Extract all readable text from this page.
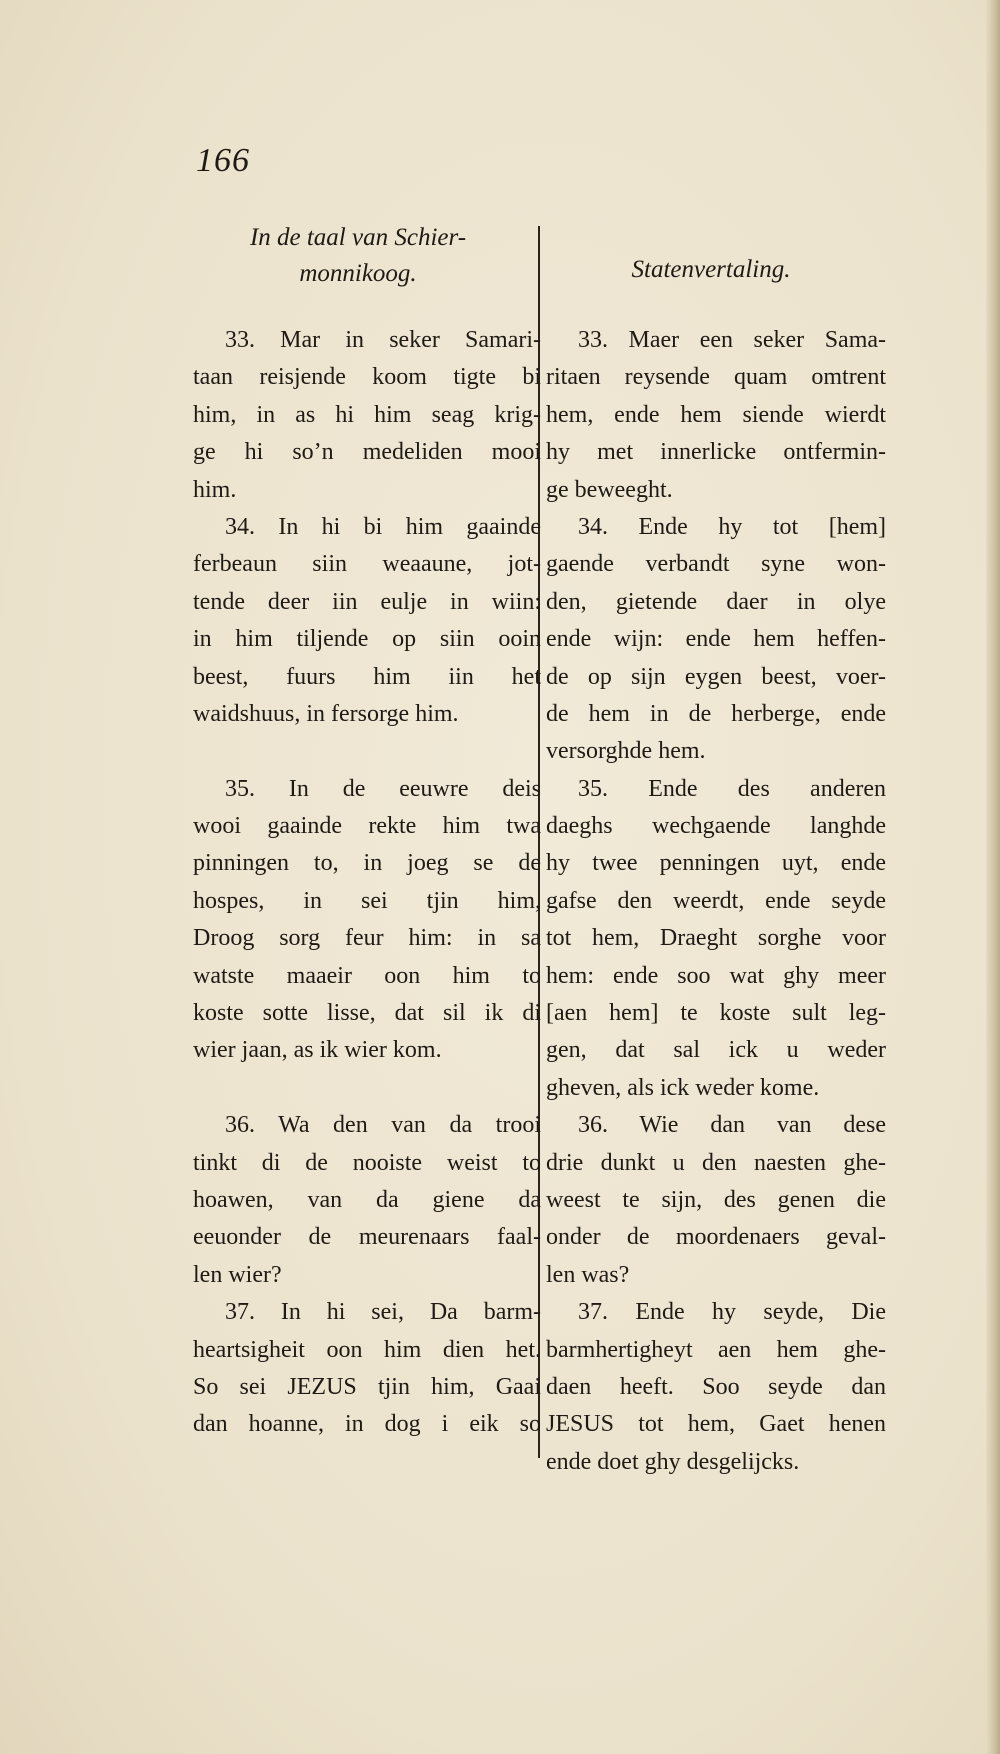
166
In de taal van Schier-
monnikoog.	Statenvertaling.
33. Mar in seker Samari-
taan reisjende koom tigte bi
him, in as hi him seag krig-
ge hi so’n medeliden mooi
him.
34. In hi bi him gaainde
ferbeaun siin weaaune, jot-
tende deer iin eulje in wiin:
in him tiljende op siin ooin
beest, fuurs him iin het
waidshuus, in fersorge him.
35. In de eeuwre deis
wooi gaainde rekte him twa
pinningen to, in joeg se de
hospes, in sei tjin him,
Droog sorg feur him: in sa
watste maaeir oon him to
koste sotte lisse, dat sil ik di
wier jaan, as ik wier kom.
36. Wa den van da trooi
tinkt di de nooiste weist to
hoawen, van da giene da
eeuonder de meurenaars faal-
len wier?
37. In hi sei, Da barm-
heartsigheit oon him dien het.
So sei JEZUS tjin him, Gaai
dan hoanne, in dog i eik so
33. Maer een seker Sama-
ritaen reysende quam omtrent
hem, ende hem siende wierdt
hy met innerlicke ontfermin-
ge beweeght.
34. Ende hy tot [hem]
gaende verbandt syne won-
den, gietende daer in olye
ende wijn: ende hem heffen-
de op sijn eygen beest, voer-
de hem in de herberge, ende
versorghde hem.
35. Ende des anderen
daeghs wechgaende langhde
hy twee penningen uyt, ende
gafse den weerdt, ende seyde
tot hem, Draeght sorghe voor
hem: ende soo wat ghy meer
[aen hem] te koste sult leg-
gen, dat sal ick u weder
gheven, als ick weder kome.
36. Wie dan van dese
drie dunkt u den naesten ghe-
weest te sijn, des genen die
onder de moordenaers geval-
len was?
37. Ende hy seyde, Die
barmhertigheyt aen hem ghe-
daen heeft. Soo seyde dan
JESUS tot hem, Gaet henen
ende doet ghy desgelijcks.
